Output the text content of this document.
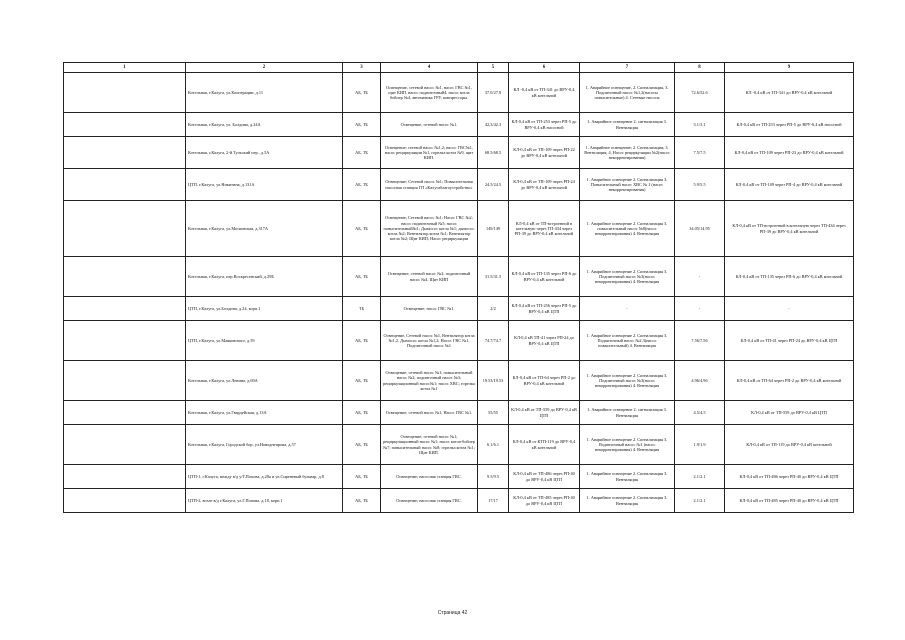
1	2	3	4	5	6	7	8	9
	Котельная, г.Калуга, ул.Кооперации, д.11	АБ, ТБ	Освещение, сетевой насос №1, насос ГВС №1, щит КИП, насос подпиточный4, насос котла бойлер №4, автоматика ГРУ, компрессоры.	37.0/27.8	КЛ -0,4 кВ от ТП-341 до ВРУ-0,4 кВ котельной	1. Аварийное освещение, 2. Сигнализация, 3. Подпиточный насос №1,2(насосы повысительные) 4. Сетевые насосы	72.6/52.6	КЛ -0,4 кВ от ТП-341 до ВРУ-0,4 кВ котельной
	Котельная, г.Калуга, ул. Болдина, д.24А	АБ, ТБ	Освещение, сетевой насос №1.	42,3/42.3	КЛ-0,4 кВ от ТП-253 через РП-5 до ВРУ-0,4 кВ насосной	1. Аварийное освещение 2. сигнализация 3. Вентиляция	3.1/3.1	КЛ-0,4 кВ от ТП-253 через РП-5 до ВРУ-0,4 кВ насосной
	Котельная, г.Калуга, 2-й Тульский пер., д.5А	АБ, ТБ	Освещение; сетевой насос №1,2; насос ГВС№1, насос рециркуляции №1, горелка котла №9, щит КИП.	68.5/68.5	КЛ-0,4 кВ от ТП-109 через РП-22 до ВРУ-0,4 кВ котельной	1. Аварийное освещение; 2. Сигнализация; 3. Вентиляция; 4. Насос рециркуляции №2(насос некорректирования)	7.5/7.5	КЛ-0,4 кВ от ТП-109 через РП-23 до ВРУ-0,4 кВ котельной
	ЦТП, г.Калуга, ул.Никитина, д.131А	АБ, ТБ	Освещение; Сетевой насос №1; Повысительная насосная станция ГП «Калугаблагоустройство»	24.5/24.5	КЛ-0,4 кВ от ТП-109 через РП-24 до ВРУ-0,4 кВ котельной	1. Аварийное освещение 2. Сигнализация 3. Повысительный насос ХВС № 1 (насос некорректирования)	5.9/5.5	КЛ-0,4 кВ от ТП-109 через РП-4 до ВРУ-0,4 кВ котельной
	Котельная, г.Калуга, ул.Московская, д.317А	АБ, ТБ	Освещение; Сетевой насос №1; Насос ГВС №2; насос подпиточный №5; насос повысительный№1; Дымосос котла №1; дымосос котла №2; Вентилятор котла №1; Вентилятор котла №2; Щит КИП; Насос рециркуляции	149/149	КЛ-0,4 кВ от ТП-встроенной в котельную через ТП-434 через РП-39 до ВРУ-0,4 кВ котельной	1. Аварийное освещение 2. Сигнализация 3. повысительный насос №8(насос некорректирования) 4. Вентиляция	34.05/14.95	КЛ-0,4 кВ от ТП-встроенной в котельную через ТП-434 через РП-39 до ВРУ-0,4 кВ котельной
	Котельная, г.Калуга, пер.Воскресенский, д.29Б	АБ, ТБ	Освещение; сетевой насос №2; подпиточный насос №4, Щит КИП	31.5/31.5	КЛ-0,4 кВ от ТП-135 через РП-6 до ВРУ-0,4 кВ котельной	1. Аварийное освещение 2. Сигнализация 3. Подпиточный насос №3(насос некорректирования) 4. Вентиляция	-	КЛ-0,4 кВ от ТП-135 через РП-6 до ВРУ-0,4 кВ котельной
	ЦТП, г.Калуга, ул.Болдина, д.24, корп.1	ТБ	Освещение; насос ГВС №1.	2/2	КЛ-0,4 кВ от ТП-256 через РП-5 до ВРУ-0,4 кВ ЦТП	-	-	-
	ЦТП, г.Калуга, ул.Маяковского, д.59	АБ, ТБ	Освещение, Сетевой насос №1, Вентилятор котла №1,2, Дымосос котла №1,2; Насос ГВС №1, Подпиточный насос №1	74.7/74.7	КЛ-0,4 кВ ТП-41 через РП-24 до ВРУ-0,4 кВ ЦТП	1. Аварийное освещение 2. Сигнализация 3. Подпиточный насос №2,3(насос повысительный) 4. Вентиляция	7.56/7.56	КЛ-0,4 кВ от ТП-41 через РП-24 до ВРУ-0,4 кВ ЦТП
	Котельная, г.Калуга, ул.Ленина, д.69А	АБ, ТБ	Освещение; сетевой насос №1; повысительный насос №2; подпиточный насос №3; рециркуляционный насос№1; насос ХВС; горелка котла №1	19.53/19.53	КЛ-0,4 кВ от ТП-64 через РП-2 до ВРУ-0,4 кВ котельной	1. Аварийное освещение 2. Сигнализация 3. Подпиточный насос №3(насос некорректирования) 4. Вентиляция	4.96/4.96	КЛ-0,4 кВ от ТП-64 через РП-2 до ВРУ-0,4 кВ котельной
	Котельная, г.Калуга, ул.Гвардейская, д.13А	АБ, ТБ	Освещение, сетевой насос №1, Насос ГВС №1.	55/55	КЛ-0,4 кВ от ТП-559 до ВРУ-0,4 кВ ЦТП	1. Аварийное освещение 2. сигнализация 3. Вентиляция	4.5/4.5	КЛ-0,4 кВ от ТП-559 до ВРУ-0,4 кВ ЦТП
	Котельная, г.Калуга, Городской бор, ул.Новоднепрова, д.57	АБ, ТБ	Освещение; сетевой насос №1; рециркуляционный насос №1; насос котла-бойлер №7; повысительный насос №8; горелка котла №1; Щит КИП.	6.1/6.1	КЛ-0,4 кВ от КТП-119 до ВРУ-0,4 кВ котельной	1. Аварийное освещение 2. Сигнализация 3. Подпиточный насос №1 (насос некорректирования) 4. Вентиляция	1.9/1.9	КЛ-0,4 кВ от ТП-119 до ВРУ-0,4 кВ котельной
	ЦТП-1, г.Калуга, между в/д у/Г.Попова, д.28а и ул.Сиреневый бульвар, д.8	АБ, ТБ	Освещение; насосная станция ГВС.	9.5/9.5	КЛ-0,4 кВ от ТП-486 через РП-40 до ВРУ-0,4 кВ ЦТП	1. Аварийное освещение 2. Сигнализация 3. Вентиляция	2.1/2.1	КЛ-0,4 кВ от ТП-486 через РП-40 до ВРУ-0,4 кВ ЦТП
	ЦТП-2, возле в/д г.Калуга, ул.Г.Попова, д.18, корп.1	АБ, ТБ	Освещение; насосная станция ГВС.	17/17	КЛ-0,4 кВ от ТП-485 через РП-40 до ВРУ-0,4 кВ ЦТП	1. Аварийное освещение 2. Сигнализация 3. Вентиляция	2.1/2.1	КЛ-0,4 кВ от ТП-485 через РП-40 до ВРУ-0,4 кВ ЦТП
Страница 42
